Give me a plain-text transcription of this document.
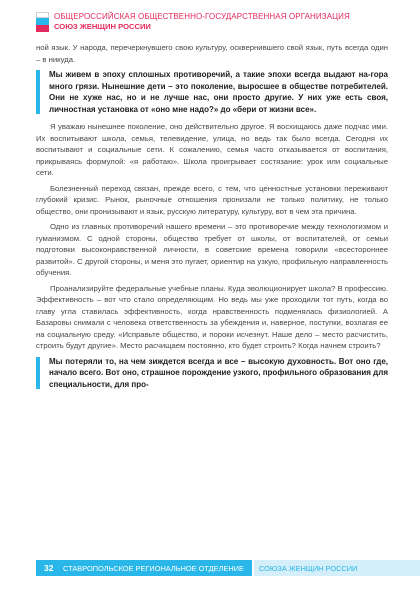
ОБЩЕРОССИЙСКАЯ ОБЩЕСТВЕННО-ГОСУДАРСТВЕННАЯ ОРГАНИЗАЦИЯ
СОЮЗ ЖЕНЩИН РОССИИ

ной язык. У народа, перечеркнувшего свою культуру, осквернившего свой язык, путь всегда один – в никуда.

Мы живем в эпоху сплошных противоречий, а такие эпохи всегда выдают на-гора много грязи. Нынешние дети – это поколение, выросшее в обществе потребителей. Они не хуже нас, но и не лучше нас, они просто другие. У них уже есть своя, личностная установка от «оно мне надо?» до «бери от жизни все».

Я уважаю нынешнее поколение, оно действительно другое. Я восхищаюсь даже подчас ими. Их воспитывают школа, семья, телевидение, улица, но ведь так было всегда. Сегодня их воспитывают и социальные сети. К сожалению, семья часто отказывается от воспитания, прикрываясь формулой: «я работаю». Школа проигрывает состязание: урок или социальные сети.

Болезненный переход связан, прежде всего, с тем, что ценностные установки переживают глубокий кризис. Рынок, рыночные отношения пронизали не только политику, не только общество, они пронизывают и язык, русскую литературу, культуру, вот в чем эта причина.

Одно из главных противоречий нашего времени – это противоречие между технологизмом и гуманизмом. С одной стороны, общество требует от школы, от воспитателей, от семьи подготовки высоконравственной личности, в советские времена говорили «всестороннее развитой». С другой стороны, и меня это пугает, ориентир на узкую, профильную направленность обучения.

Проанализируйте федеральные учебные планы. Куда эволюционирует школа? В профессию. Эффективность – вот что стало определяющим. Но ведь мы уже проходили тот путь, когда во главу угла ставилась эффективность, когда нравственность подменялась физиологией. А Базаровы снимали с человека ответственность за убеждения и, наверное, поступки, возлагая ее на социальную среду. «Исправьте общество, и пороки исчезнут. Наше дело – место расчистить, строить будут другие». Место расчищаем постоянно, кто будет строить? Когда начнем строить?

Мы потеряли то, на чем зиждется всегда и все – высокую духовность. Вот оно где, начало всего. Вот оно, страшное порождение узкого, профильного образования для специальности, для про-

32 СТАВРОПОЛЬСКОЕ РЕГИОНАЛЬНОЕ ОТДЕЛЕНИЕ СОЮЗА ЖЕНЩИН РОССИИ
